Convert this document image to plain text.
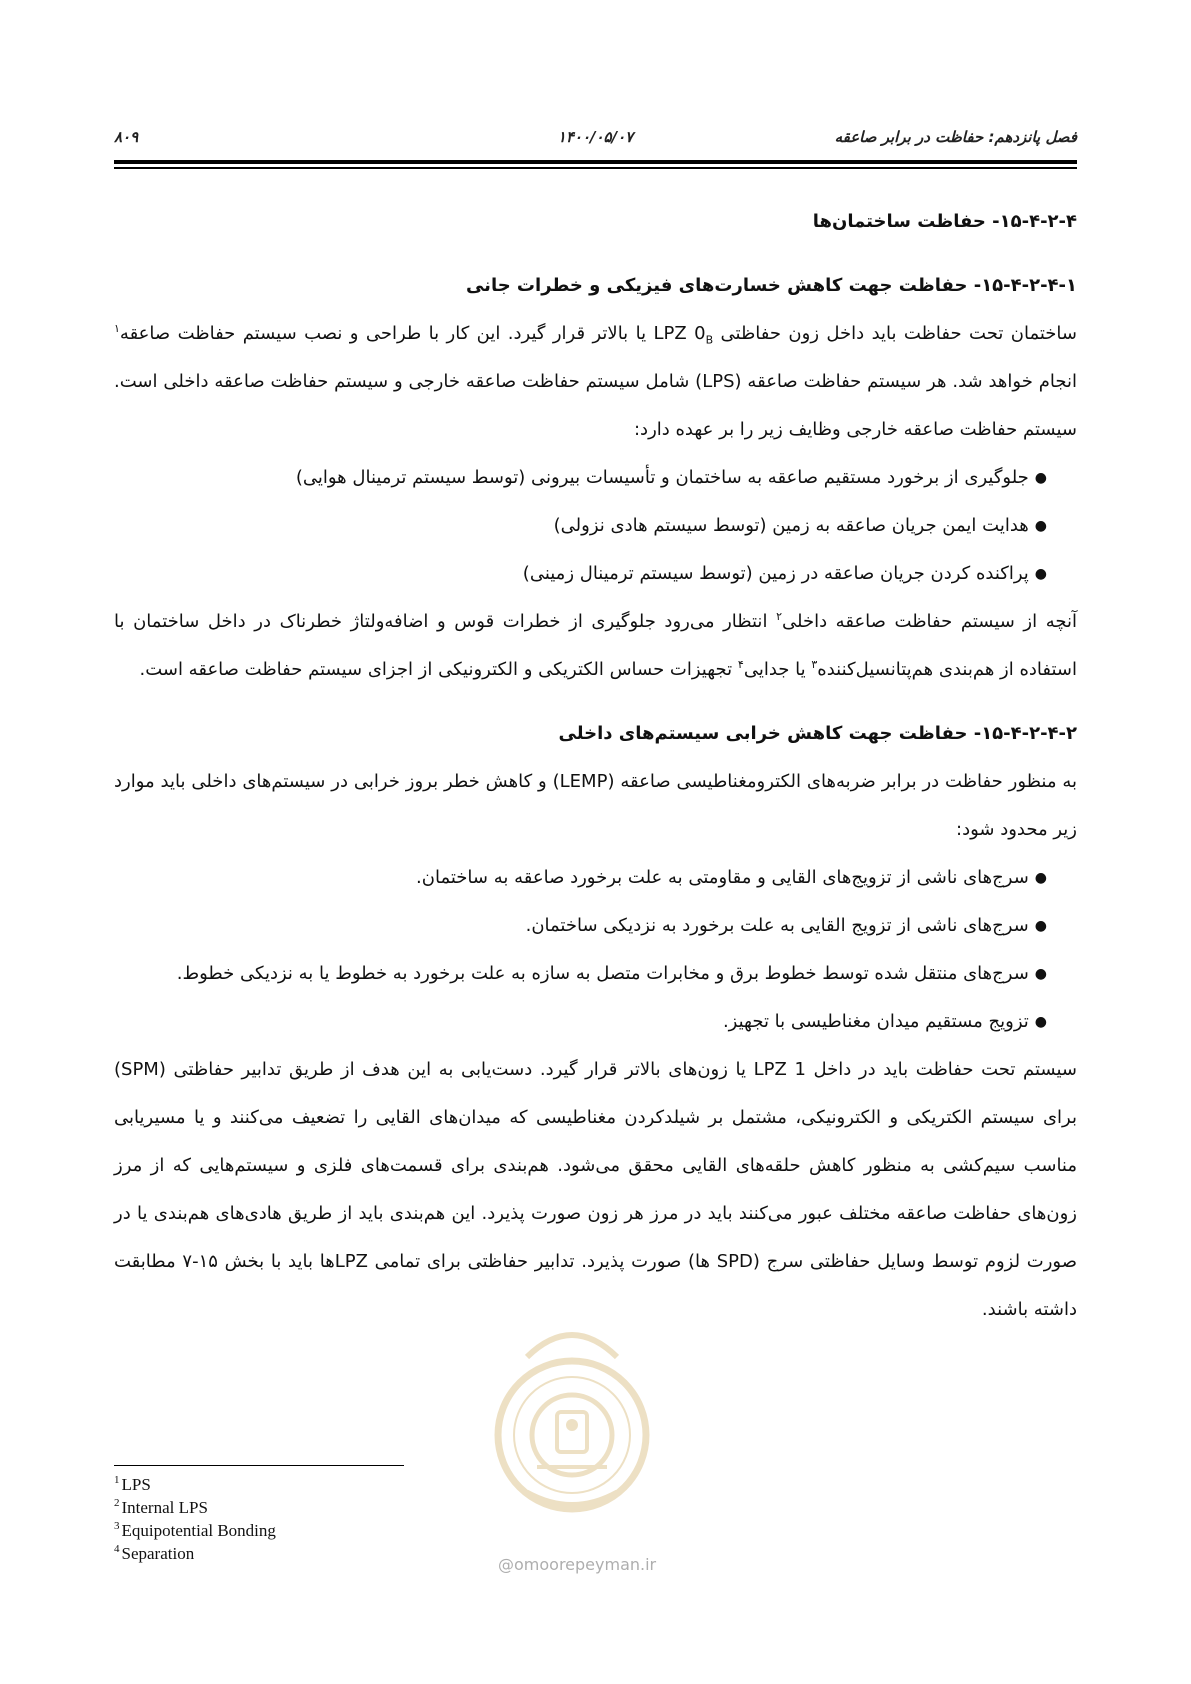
فصل پانزدهم: حفاظت در برابر صاعقه
۱۴۰۰/۰۵/۰۷
۸۰۹
۱۵-۴-۲-۴- حفاظت ساختمان‌ها
۱۵-۴-۲-۴-۱- حفاظت جهت کاهش خسارت‌های فیزیکی و خطرات جانی

ساختمان تحت حفاظت باید داخل زون حفاظتی LPZ $0_B$ یا بالاتر قرار گیرد. این کار با طراحی و نصب سیستم حفاظت صاعقه$^۱$ انجام خواهد شد. هر سیستم حفاظت صاعقه (LPS) شامل سیستم حفاظت صاعقه خارجی و سیستم حفاظت صاعقه داخلی است. سیستم حفاظت صاعقه خارجی وظایف زیر را بر عهده دارد:

●جلوگیری از برخورد مستقیم صاعقه به ساختمان و تأسیسات بیرونی (توسط سیستم ترمینال هوایی)
●هدایت ایمن جریان صاعقه به زمین (توسط سیستم هادی نزولی)
●پراکنده کردن جریان صاعقه در زمین (توسط سیستم ترمینال زمینی)

آنچه از سیستم حفاظت صاعقه داخلی$^۲$ انتظار می‌رود جلوگیری از خطرات قوس و اضافه‌ولتاژ خطرناک در داخل ساختمان با استفاده از هم‌بندی هم‌پتانسیل‌کننده$^۳$ یا جدایی$^۴$ تجهیزات حساس الکتریکی و الکترونیکی از اجزای سیستم حفاظت صاعقه است.

۱۵-۴-۲-۴-۲- حفاظت جهت کاهش خرابی سیستم‌های داخلی

به منظور حفاظت در برابر ضربه‌های الکترومغناطیسی صاعقه (LEMP) و کاهش خطر بروز خرابی در سیستم‌های داخلی باید موارد زیر محدود شود:

●سرج‌های ناشی از تزویج‌های القایی و مقاومتی به علت برخورد صاعقه به ساختمان.
●سرج‌های ناشی از تزویج القایی به علت برخورد به نزدیکی ساختمان.
●سرج‌های منتقل شده توسط خطوط برق و مخابرات متصل به سازه به علت برخورد به خطوط یا به نزدیکی خطوط.
●تزویج مستقیم میدان مغناطیسی با تجهیز.

سیستم تحت حفاظت باید در داخل LPZ 1 یا زون‌های بالاتر قرار گیرد. دست‌یابی به این هدف از طریق تدابیر حفاظتی (SPM) برای سیستم الکتریکی و الکترونیکی، مشتمل بر شیلدکردن مغناطیسی که میدان‌های القایی را تضعیف می‌کنند و یا مسیریابی مناسب سیم‌کشی به منظور کاهش حلقه‌های القایی محقق می‌شود. هم‌بندی برای قسمت‌های فلزی و سیستم‌هایی که از مرز زون‌های حفاظت صاعقه مختلف عبور می‌کنند باید در مرز هر زون صورت پذیرد. این هم‌بندی باید از طریق هادی‌های هم‌بندی یا در صورت لزوم توسط وسایل حفاظتی سرج (SPD ها) صورت پذیرد. تدابیر حفاظتی برای تمامی LPZها باید با بخش ۱۵-۷ مطابقت داشته باشند.

@omoorepeyman.ir
$^1$ LPS
$^2$ Internal LPS
$^3$ Equipotential Bonding
$^4$ Separation
